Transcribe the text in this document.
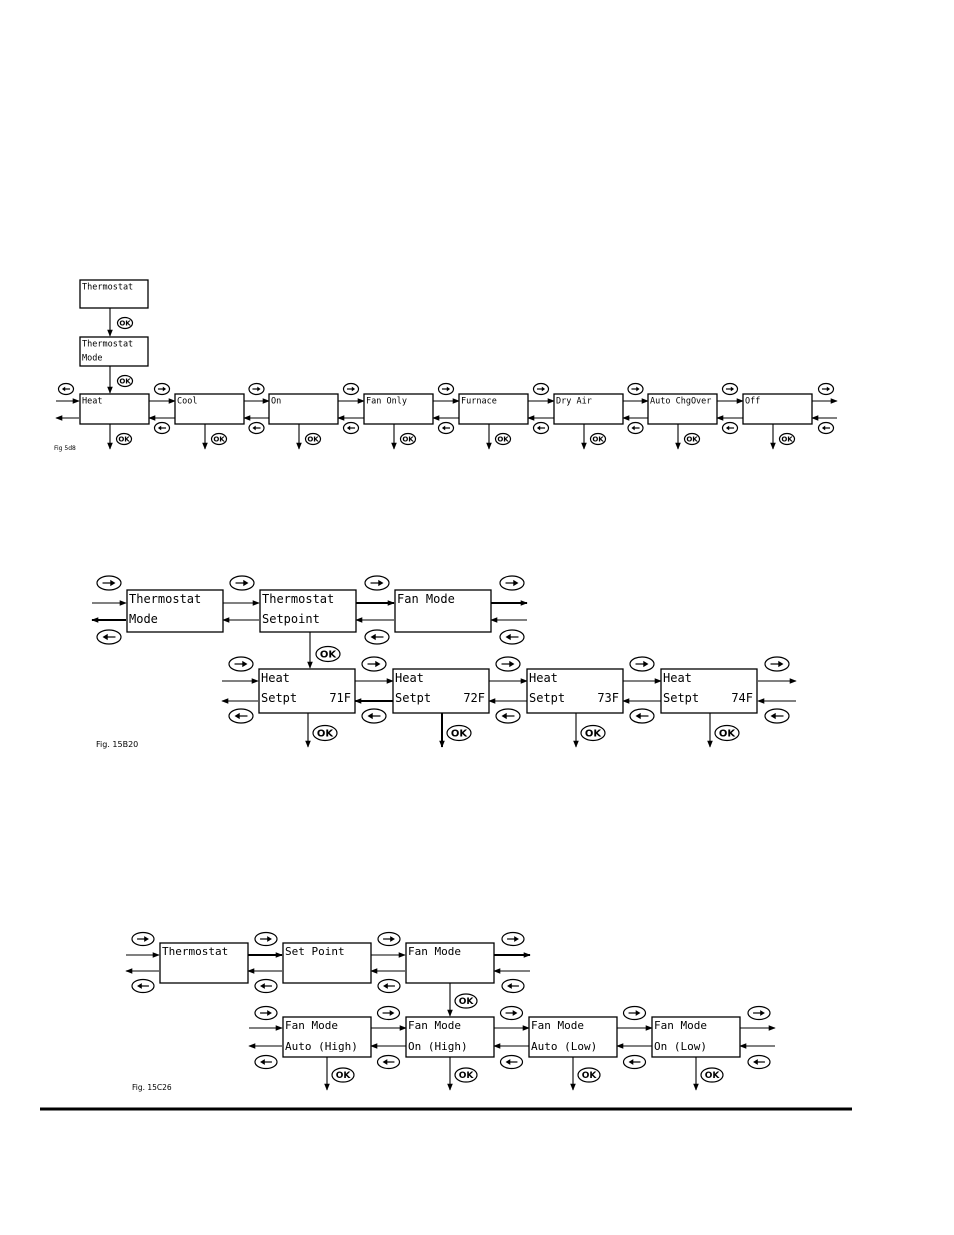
Thermostat
Thermostat
Mode
OK
OK
Heat
OK
Cool
OK
On
OK
Fan Only
OK
Furnace
OK
Dry Air
OK
Auto ChgOver
OK
Off
OK
Fig 5d8
Thermostat
Mode
Thermostat
Setpoint
Fan Mode
OK
Heat
Setpt	71F
OK
Heat
Setpt	72F
OK
Heat
Setpt	73F
OK
Heat
Setpt	74F
OK
Fig. 15B20
Thermostat	Set Point	Fan Mode
OK
Fan Mode
Auto (High)
OK
Fan Mode
On (High)
OK
Fan Mode
Auto (Low)
OK
Fan Mode
On (Low)
OK
Fig. 15C26
